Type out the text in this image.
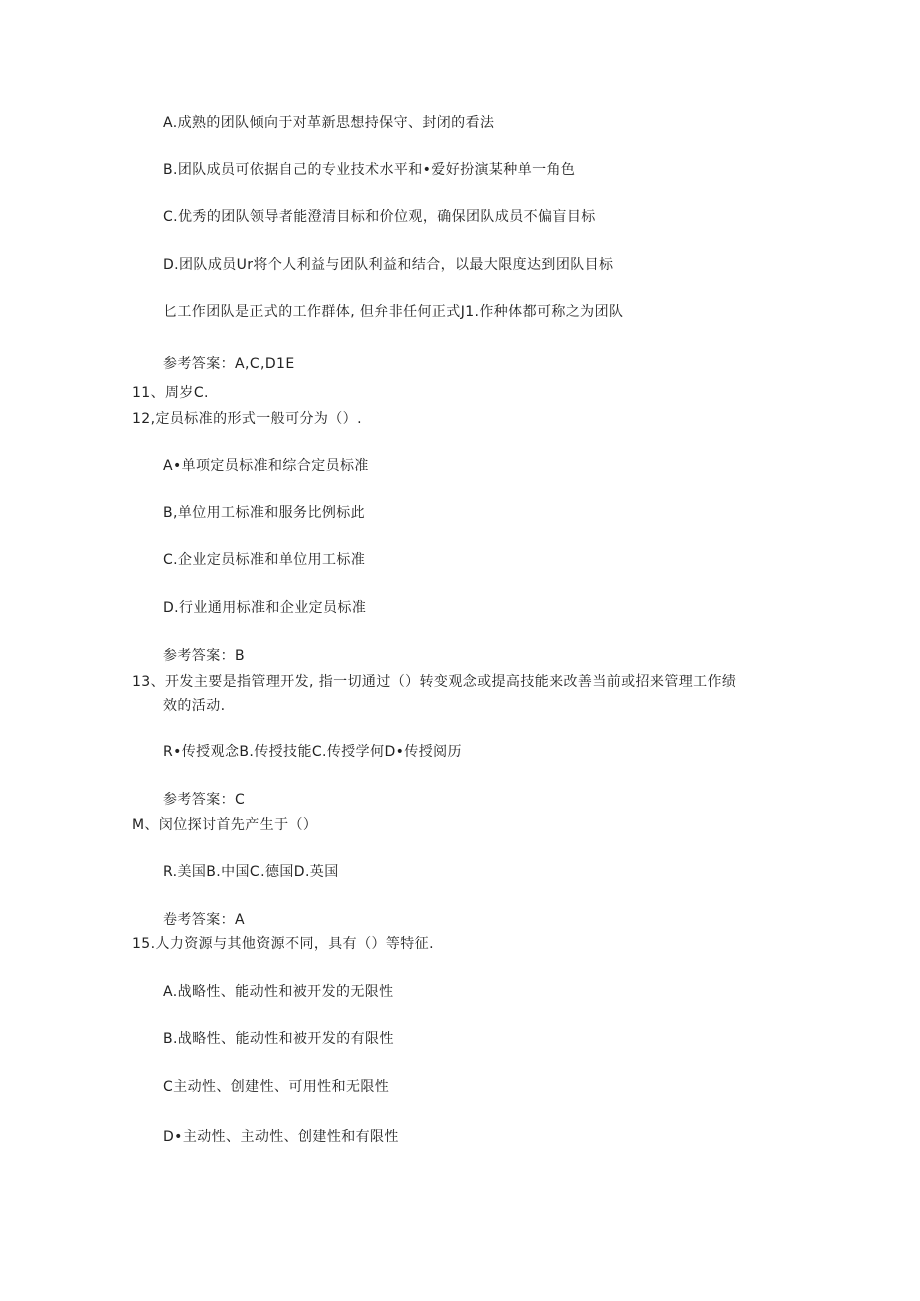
A.成熟的团队倾向于对革新思想持保守、封闭的看法
B.团队成员可依据自己的专业技术水平和•爱好扮演某种单一角色
C.优秀的团队领导者能澄清目标和价位观，确保团队成员不偏盲目标
D.团队成员Ur将个人利益与团队利益和结合，以最大限度达到团队目标
匕工作团队是正式的工作群体, 但弁非任何正式J1.作种体都可称之为团队
参考答案：A,C,D1E
11、周岁C.
12,定员标准的形式一般可分为（）.
A•单项定员标准和综合定员标准
B,单位用工标准和服务比例标此
C.企业定员标准和单位用工标准
D.行业通用标准和企业定员标准
参考答案：B
13、开发主要是指管理开发, 指一切通过（）转变观念或提高技能来改善当前或招来管理工作绩
效的活动.
R•传授观念B.传授技能C.传授学何D•传授阅历
参考答案：C
M、闵位探讨首先产生于（）
R.美国B.中国C.德国D.英国
卷考答案：A
15.人力资源与其他资源不同，具有（）等特征.
A.战略性、能动性和被开发的无限性
B.战略性、能动性和被开发的有限性
C主动性、创建性、可用性和无限性
D•主动性、主动性、创建性和有限性
